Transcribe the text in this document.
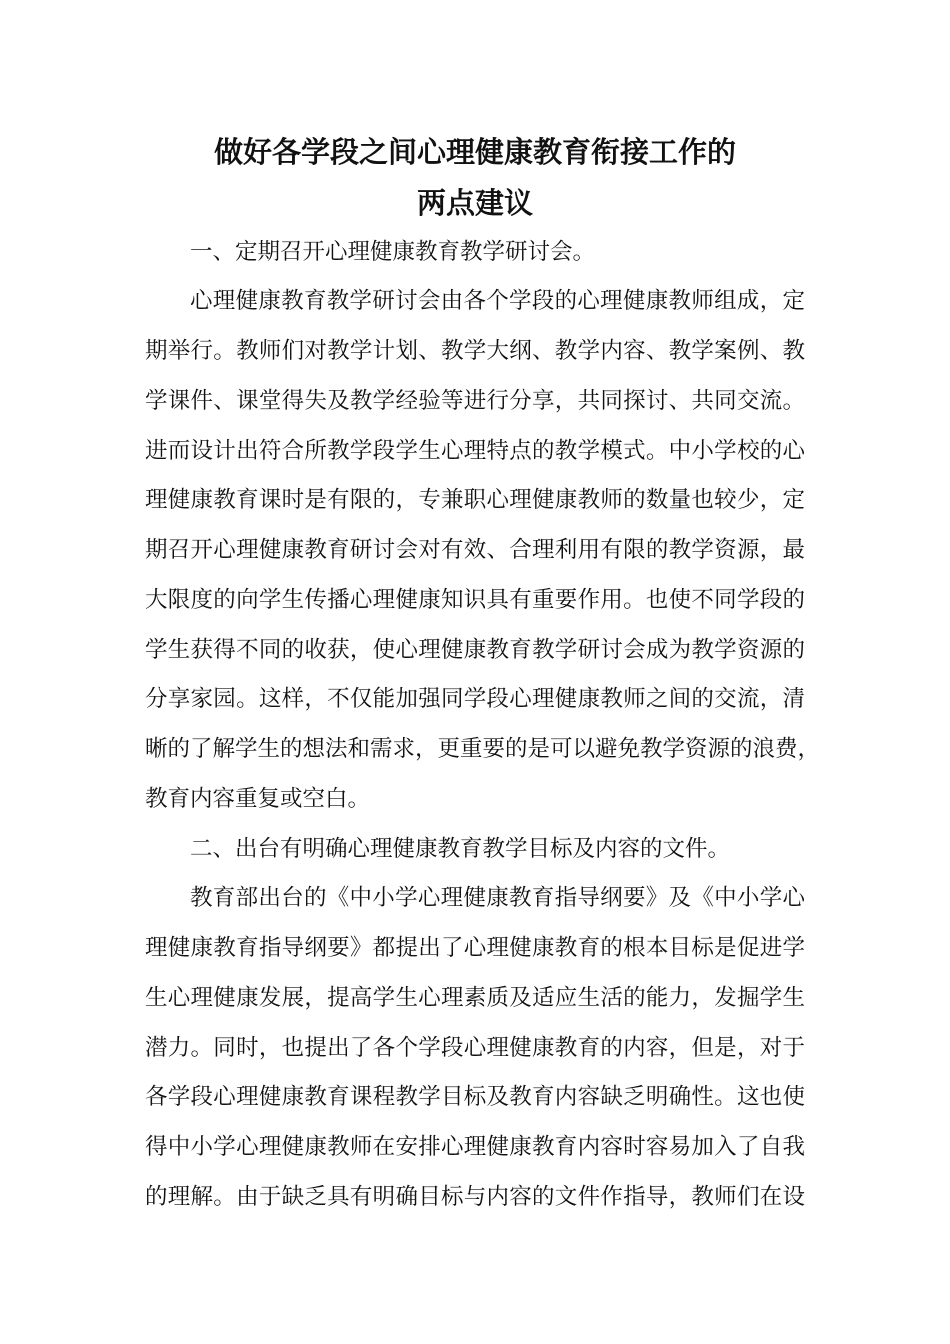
做好各学段之间心理健康教育衔接工作的
两点建议
一、定期召开心理健康教育教学研讨会。
心理健康教育教学研讨会由各个学段的心理健康教师组成，定
期举行。教师们对教学计划、教学大纲、教学内容、教学案例、教
学课件、课堂得失及教学经验等进行分享，共同探讨、共同交流。
进而设计出符合所教学段学生心理特点的教学模式。中小学校的心
理健康教育课时是有限的，专兼职心理健康教师的数量也较少，定
期召开心理健康教育研讨会对有效、合理利用有限的教学资源，最
大限度的向学生传播心理健康知识具有重要作用。也使不同学段的
学生获得不同的收获，使心理健康教育教学研讨会成为教学资源的
分享家园。这样，不仅能加强同学段心理健康教师之间的交流，清
晰的了解学生的想法和需求，更重要的是可以避免教学资源的浪费，
教育内容重复或空白。
二、出台有明确心理健康教育教学目标及内容的文件。
教育部出台的《中小学心理健康教育指导纲要》及《中小学心
理健康教育指导纲要》都提出了心理健康教育的根本目标是促进学
生心理健康发展，提高学生心理素质及适应生活的能力，发掘学生
潜力。同时，也提出了各个学段心理健康教育的内容，但是，对于
各学段心理健康教育课程教学目标及教育内容缺乏明确性。这也使
得中小学心理健康教师在安排心理健康教育内容时容易加入了自我
的理解。由于缺乏具有明确目标与内容的文件作指导，教师们在设
